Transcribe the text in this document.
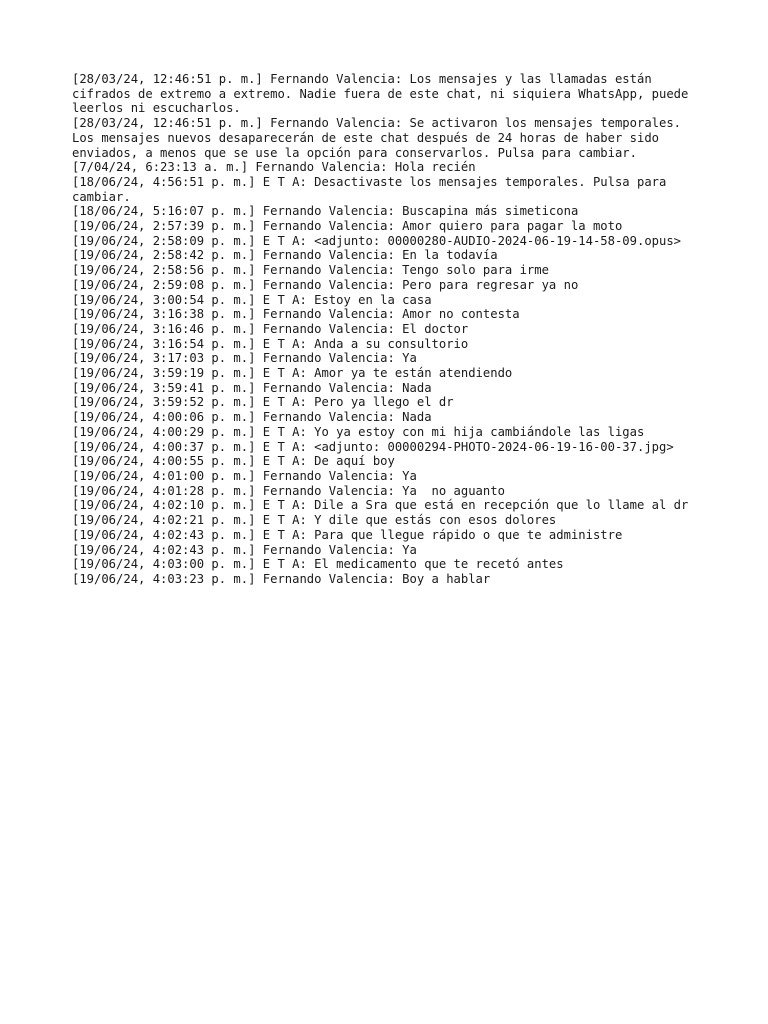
[28/03/24, 12:46:51 p. m.] Fernando Valencia: Los mensajes y las llamadas están cifrados de extremo a extremo. Nadie fuera de este chat, ni siquiera WhatsApp, puede leerlos ni escucharlos.
[28/03/24, 12:46:51 p. m.] Fernando Valencia: Se activaron los mensajes temporales. Los mensajes nuevos desaparecerán de este chat después de 24 horas de haber sido enviados, a menos que se use la opción para conservarlos. Pulsa para cambiar.
[7/04/24, 6:23:13 a. m.] Fernando Valencia: Hola recién
[18/06/24, 4:56:51 p. m.] E T A: Desactivaste los mensajes temporales. Pulsa para cambiar.
[18/06/24, 5:16:07 p. m.] Fernando Valencia: Buscapina más simeticona
[19/06/24, 2:57:39 p. m.] Fernando Valencia: Amor quiero para pagar la moto
[19/06/24, 2:58:09 p. m.] E T A: <adjunto: 00000280-AUDIO-2024-06-19-14-58-09.opus>
[19/06/24, 2:58:42 p. m.] Fernando Valencia: En la todavía
[19/06/24, 2:58:56 p. m.] Fernando Valencia: Tengo solo para irme
[19/06/24, 2:59:08 p. m.] Fernando Valencia: Pero para regresar ya no
[19/06/24, 3:00:54 p. m.] E T A: Estoy en la casa
[19/06/24, 3:16:38 p. m.] Fernando Valencia: Amor no contesta
[19/06/24, 3:16:46 p. m.] Fernando Valencia: El doctor
[19/06/24, 3:16:54 p. m.] E T A: Anda a su consultorio
[19/06/24, 3:17:03 p. m.] Fernando Valencia: Ya
[19/06/24, 3:59:19 p. m.] E T A: Amor ya te están atendiendo
[19/06/24, 3:59:41 p. m.] Fernando Valencia: Nada
[19/06/24, 3:59:52 p. m.] E T A: Pero ya llego el dr
[19/06/24, 4:00:06 p. m.] Fernando Valencia: Nada
[19/06/24, 4:00:29 p. m.] E T A: Yo ya estoy con mi hija cambiándole las ligas
[19/06/24, 4:00:37 p. m.] E T A: <adjunto: 00000294-PHOTO-2024-06-19-16-00-37.jpg>
[19/06/24, 4:00:55 p. m.] E T A: De aquí boy
[19/06/24, 4:01:00 p. m.] Fernando Valencia: Ya
[19/06/24, 4:01:28 p. m.] Fernando Valencia: Ya  no aguanto
[19/06/24, 4:02:10 p. m.] E T A: Dile a Sra que está en recepción que lo llame al dr
[19/06/24, 4:02:21 p. m.] E T A: Y dile que estás con esos dolores
[19/06/24, 4:02:43 p. m.] E T A: Para que llegue rápido o que te administre
[19/06/24, 4:02:43 p. m.] Fernando Valencia: Ya
[19/06/24, 4:03:00 p. m.] E T A: El medicamento que te recetó antes
[19/06/24, 4:03:23 p. m.] Fernando Valencia: Boy a hablar
